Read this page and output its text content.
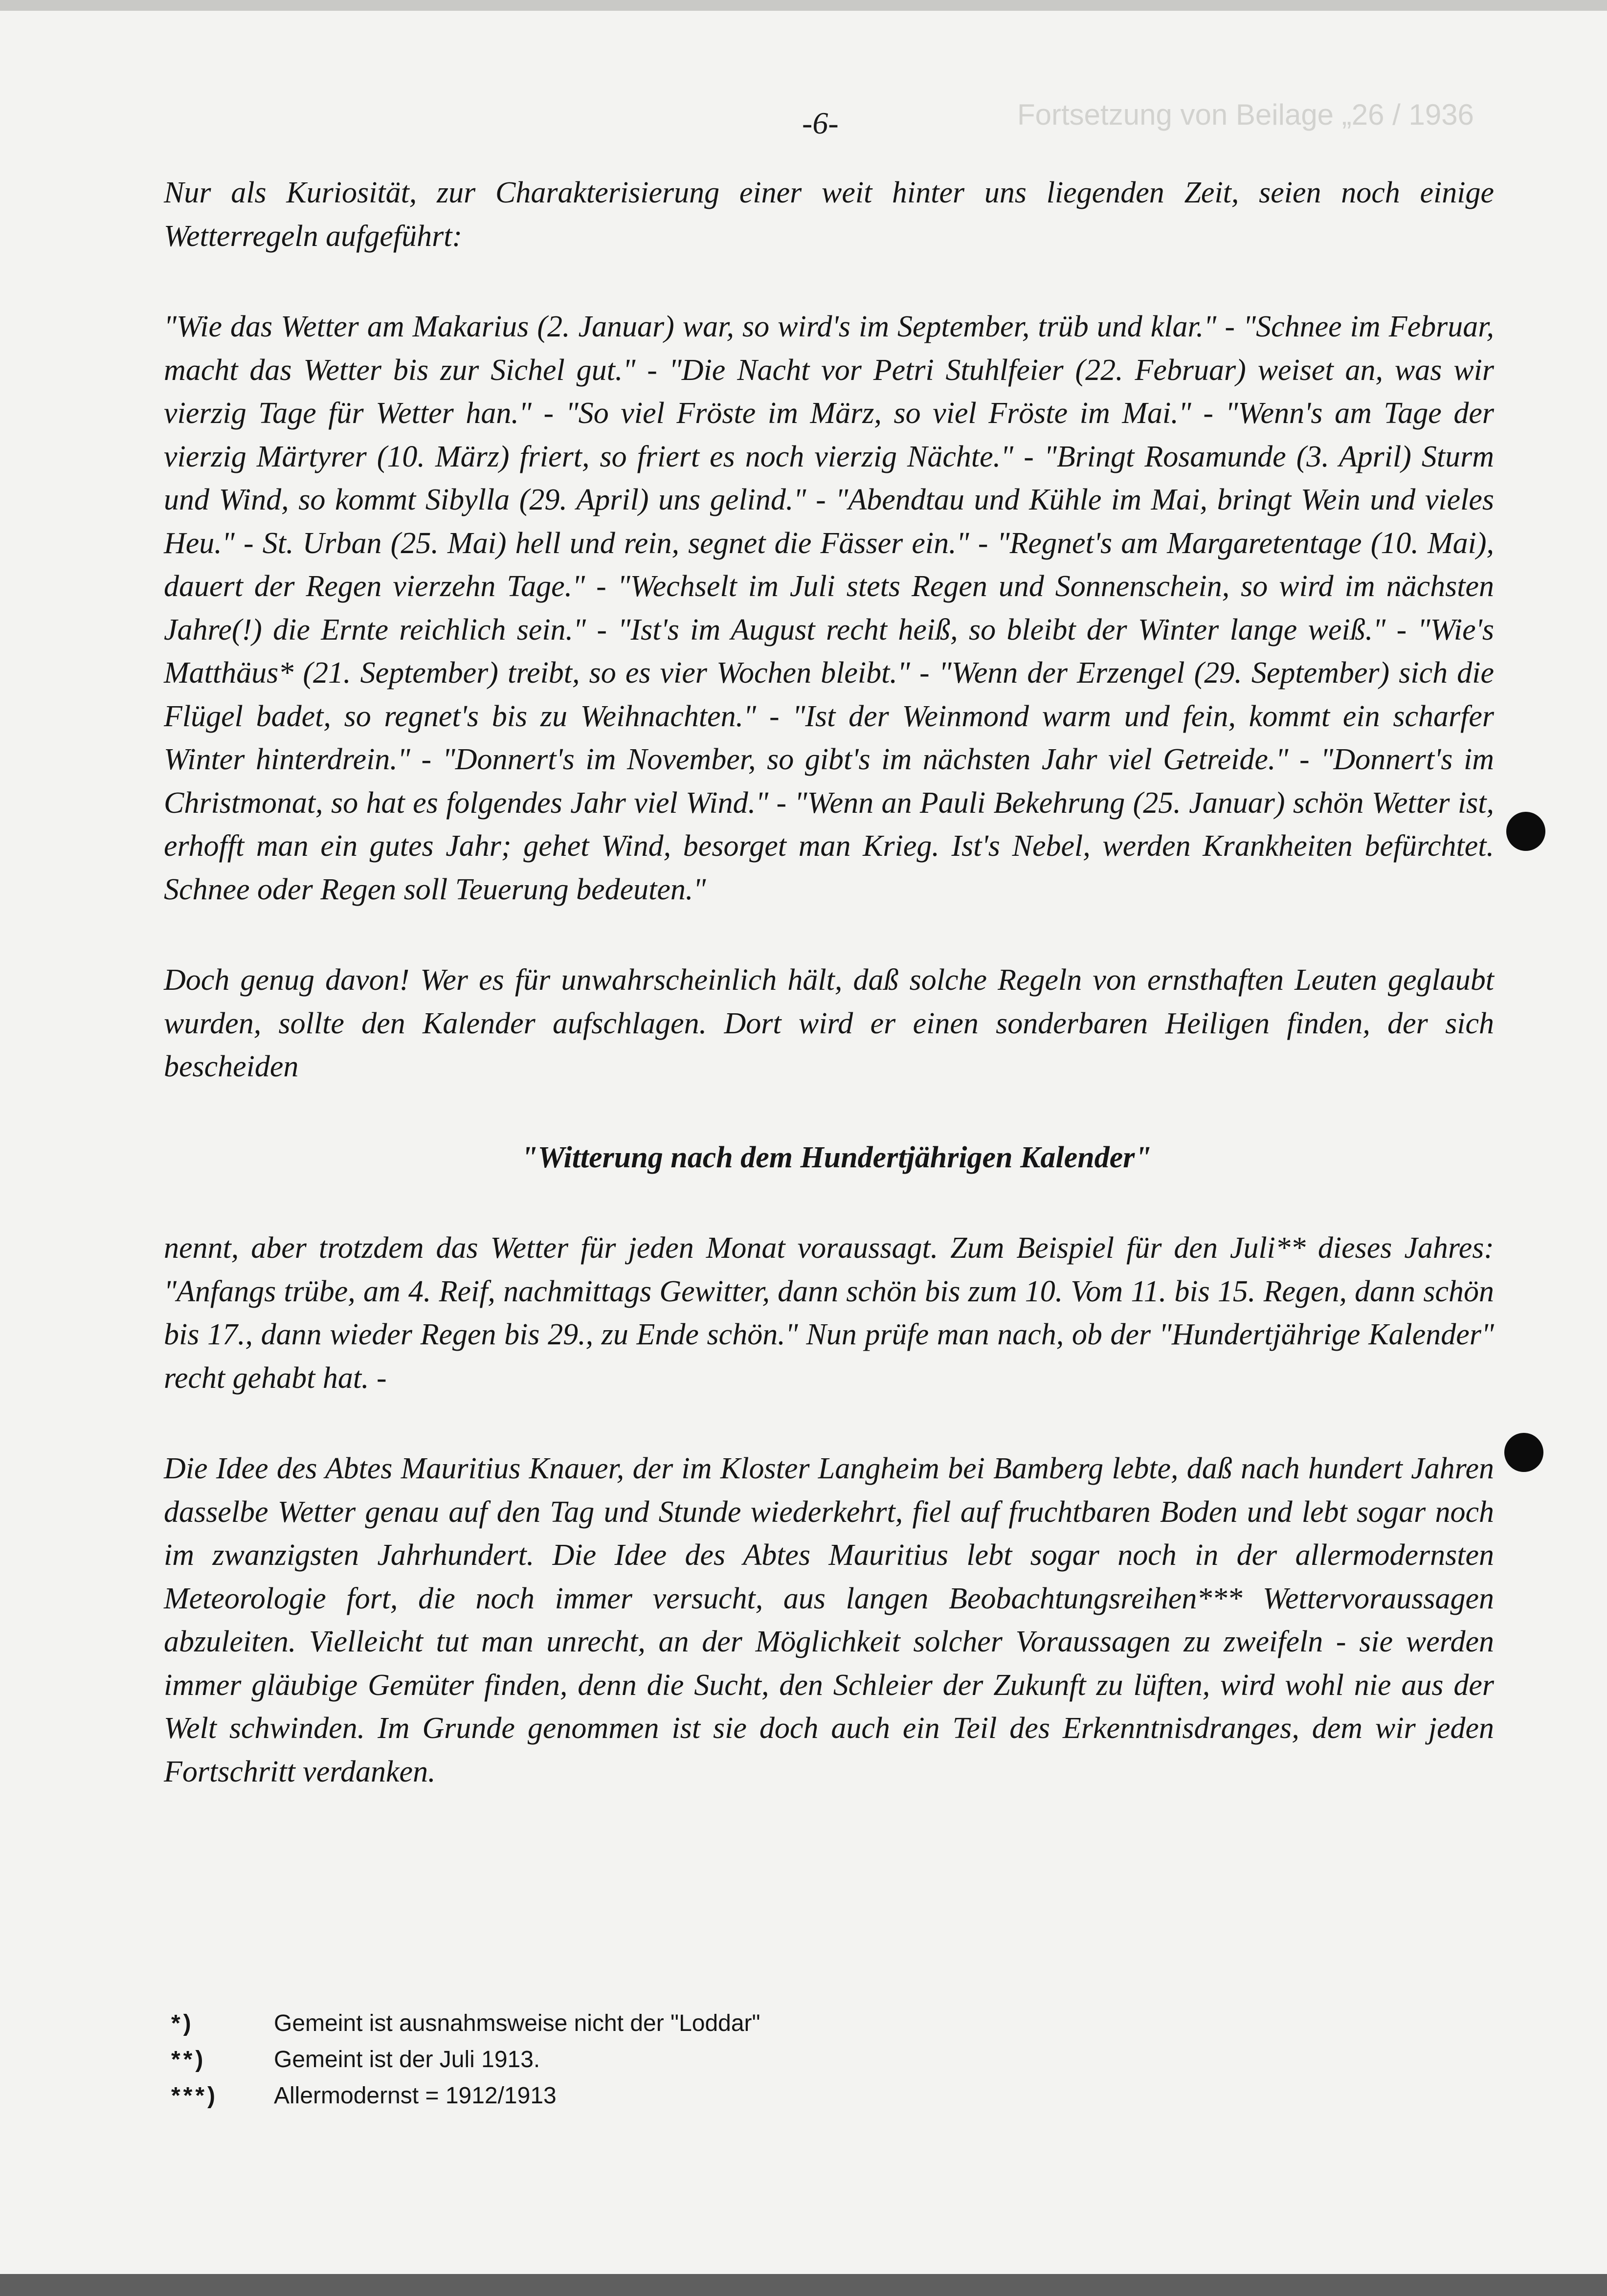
Fortsetzung von Beilage „26 / 1936
-6-

Nur als Kuriosität, zur Charakterisierung einer weit hinter uns liegenden Zeit, seien noch einige Wetterregeln aufgeführt:

"Wie das Wetter am Makarius (2. Januar) war, so wird's im September, trüb und klar." - "Schnee im Februar, macht das Wetter bis zur Sichel gut." - "Die Nacht vor Petri Stuhlfeier (22. Februar) weiset an, was wir vierzig Tage für Wetter han." - "So viel Fröste im März, so viel Fröste im Mai." - "Wenn's am Tage der vierzig Märtyrer (10. März) friert, so friert es noch vierzig Nächte." - "Bringt Rosamunde (3. April) Sturm und Wind, so kommt Sibylla (29. April) uns gelind." - "Abendtau und Kühle im Mai, bringt Wein und vieles Heu." - St. Urban (25. Mai) hell und rein, segnet die Fässer ein." - "Regnet's am Margaretentage (10. Mai), dauert der Regen vierzehn Tage." - "Wechselt im Juli stets Regen und Sonnenschein, so wird im nächsten Jahre(!) die Ernte reichlich sein." - "Ist's im August recht heiß, so bleibt der Winter lange weiß." - "Wie's Matthäus* (21. September) treibt, so es vier Wochen bleibt." - "Wenn der Erzengel (29. September) sich die Flügel badet, so regnet's bis zu Weihnachten." - "Ist der Weinmond warm und fein, kommt ein scharfer Winter hinterdrein." - "Donnert's im November, so gibt's im nächsten Jahr viel Getreide." - "Donnert's im Christmonat, so hat es folgendes Jahr viel Wind." - "Wenn an Pauli Bekehrung (25. Januar) schön Wetter ist, erhofft man ein gutes Jahr; gehet Wind, besorget man Krieg. Ist's Nebel, werden Krankheiten befürchtet. Schnee oder Regen soll Teuerung bedeuten."

Doch genug davon! Wer es für unwahrscheinlich hält, daß solche Regeln von ernsthaften Leuten geglaubt wurden, sollte den Kalender aufschlagen. Dort wird er einen sonderbaren Heiligen finden, der sich bescheiden

"Witterung nach dem Hundertjährigen Kalender"

nennt, aber trotzdem das Wetter für jeden Monat voraussagt. Zum Beispiel für den Juli** dieses Jahres: "Anfangs trübe, am 4. Reif, nachmittags Gewitter, dann schön bis zum 10. Vom 11. bis 15. Regen, dann schön bis 17., dann wieder Regen bis 29., zu Ende schön." Nun prüfe man nach, ob der "Hundertjährige Kalender" recht gehabt hat. -

Die Idee des Abtes Mauritius Knauer, der im Kloster Langheim bei Bamberg lebte, daß nach hundert Jahren dasselbe Wetter genau auf den Tag und Stunde wiederkehrt, fiel auf fruchtbaren Boden und lebt sogar noch im zwanzigsten Jahrhundert. Die Idee des Abtes Mauritius lebt sogar noch in der allermodernsten Meteorologie fort, die noch immer versucht, aus langen Beobachtungsreihen*** Wettervoraussagen abzuleiten. Vielleicht tut man unrecht, an der Möglichkeit solcher Voraussagen zu zweifeln - sie werden immer gläubige Gemüter finden, denn die Sucht, den Schleier der Zukunft zu lüften, wird wohl nie aus der Welt schwinden. Im Grunde genommen ist sie doch auch ein Teil des Erkenntnisdranges, dem wir jeden Fortschritt verdanken.

*)	Gemeint ist ausnahmsweise nicht der "Loddar"
**)	Gemeint ist der Juli 1913.
***)	Allermodernst = 1912/1913
